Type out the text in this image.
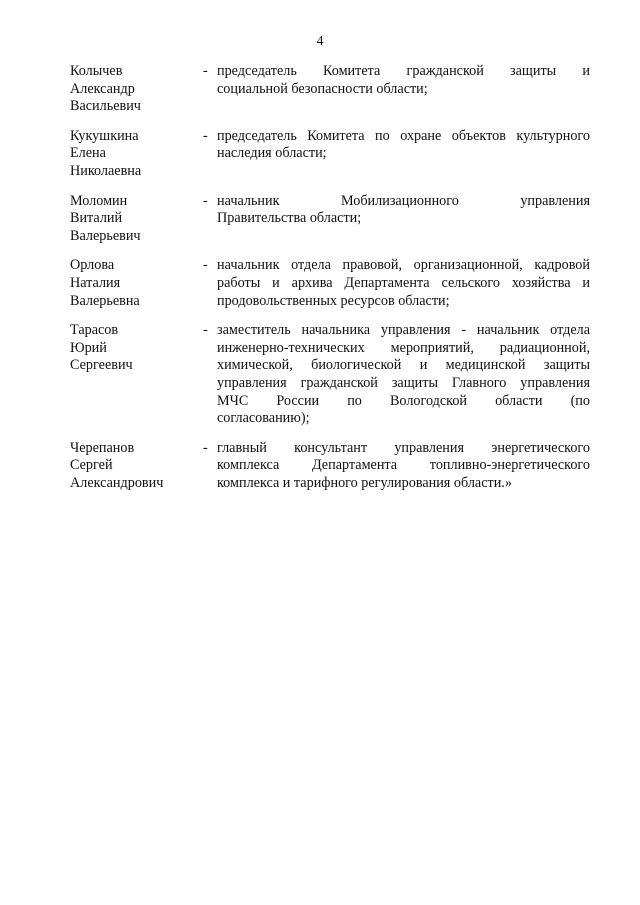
4
Колычев
Александр
Васильевич
- председатель Комитета гражданской защиты и
социальной безопасности области;
Кукушкина
Елена
Николаевна
- председатель Комитета по охране объектов культурного
наследия области;
Моломин
Виталий
Валерьевич
- начальник Мобилизационного управления
Правительства области;
Орлова
Наталия
Валерьевна
- начальник отдела правовой, организационной, кадровой
работы и архива Департамента сельского хозяйства и
продовольственных ресурсов области;
Тарасов
Юрий
Сергеевич
- заместитель начальника управления - начальник отдела
инженерно-технических мероприятий, радиационной,
химической, биологической и медицинской защиты
управления гражданской защиты Главного управления
МЧС России по Вологодской области (по
согласованию);
Черепанов
Сергей
Александрович
- главный консультант управления энергетического
комплекса Департамента топливно-энергетического
комплекса и тарифного регулирования области.»
